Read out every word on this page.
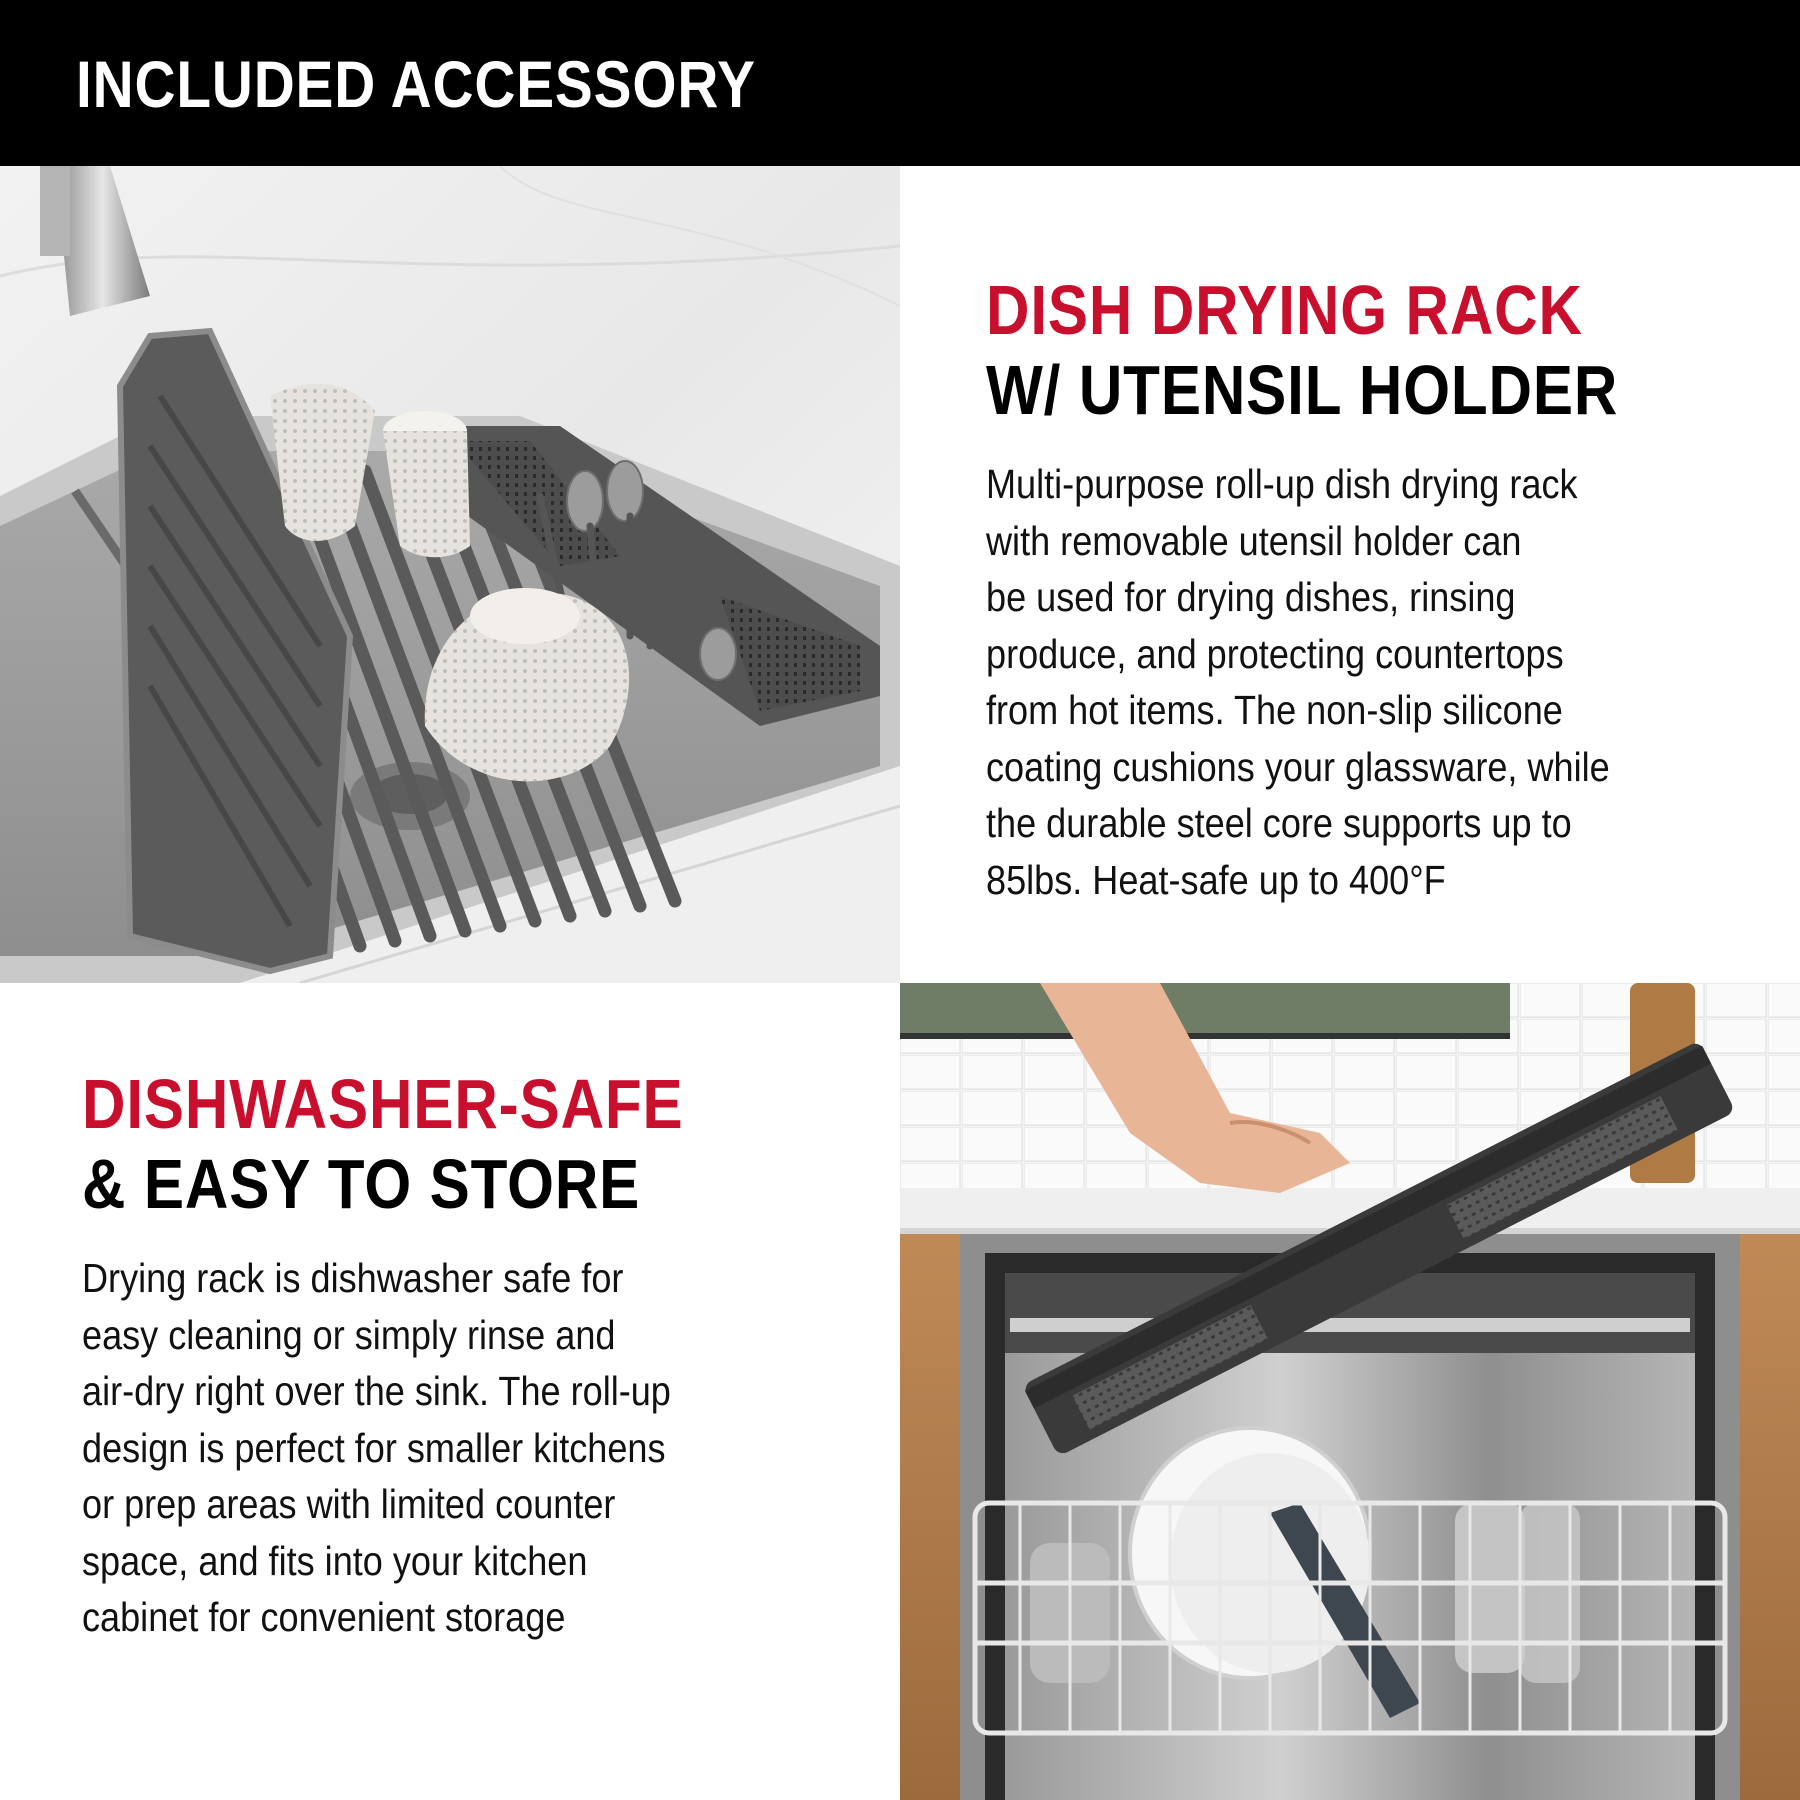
INCLUDED ACCESSORY
DISH DRYING RACK
W/ UTENSIL HOLDER

Multi-purpose roll-up dish drying rack
with removable utensil holder can
be used for drying dishes, rinsing
produce, and protecting countertops
from hot items. The non-slip silicone
coating cushions your glassware, while
the durable steel core supports up to
85lbs. Heat-safe up to 400°F

DISHWASHER-SAFE
& EASY TO STORE

Drying rack is dishwasher safe for
easy cleaning or simply rinse and
air-dry right over the sink. The roll-up
design is perfect for smaller kitchens
or prep areas with limited counter
space, and fits into your kitchen
cabinet for convenient storage
